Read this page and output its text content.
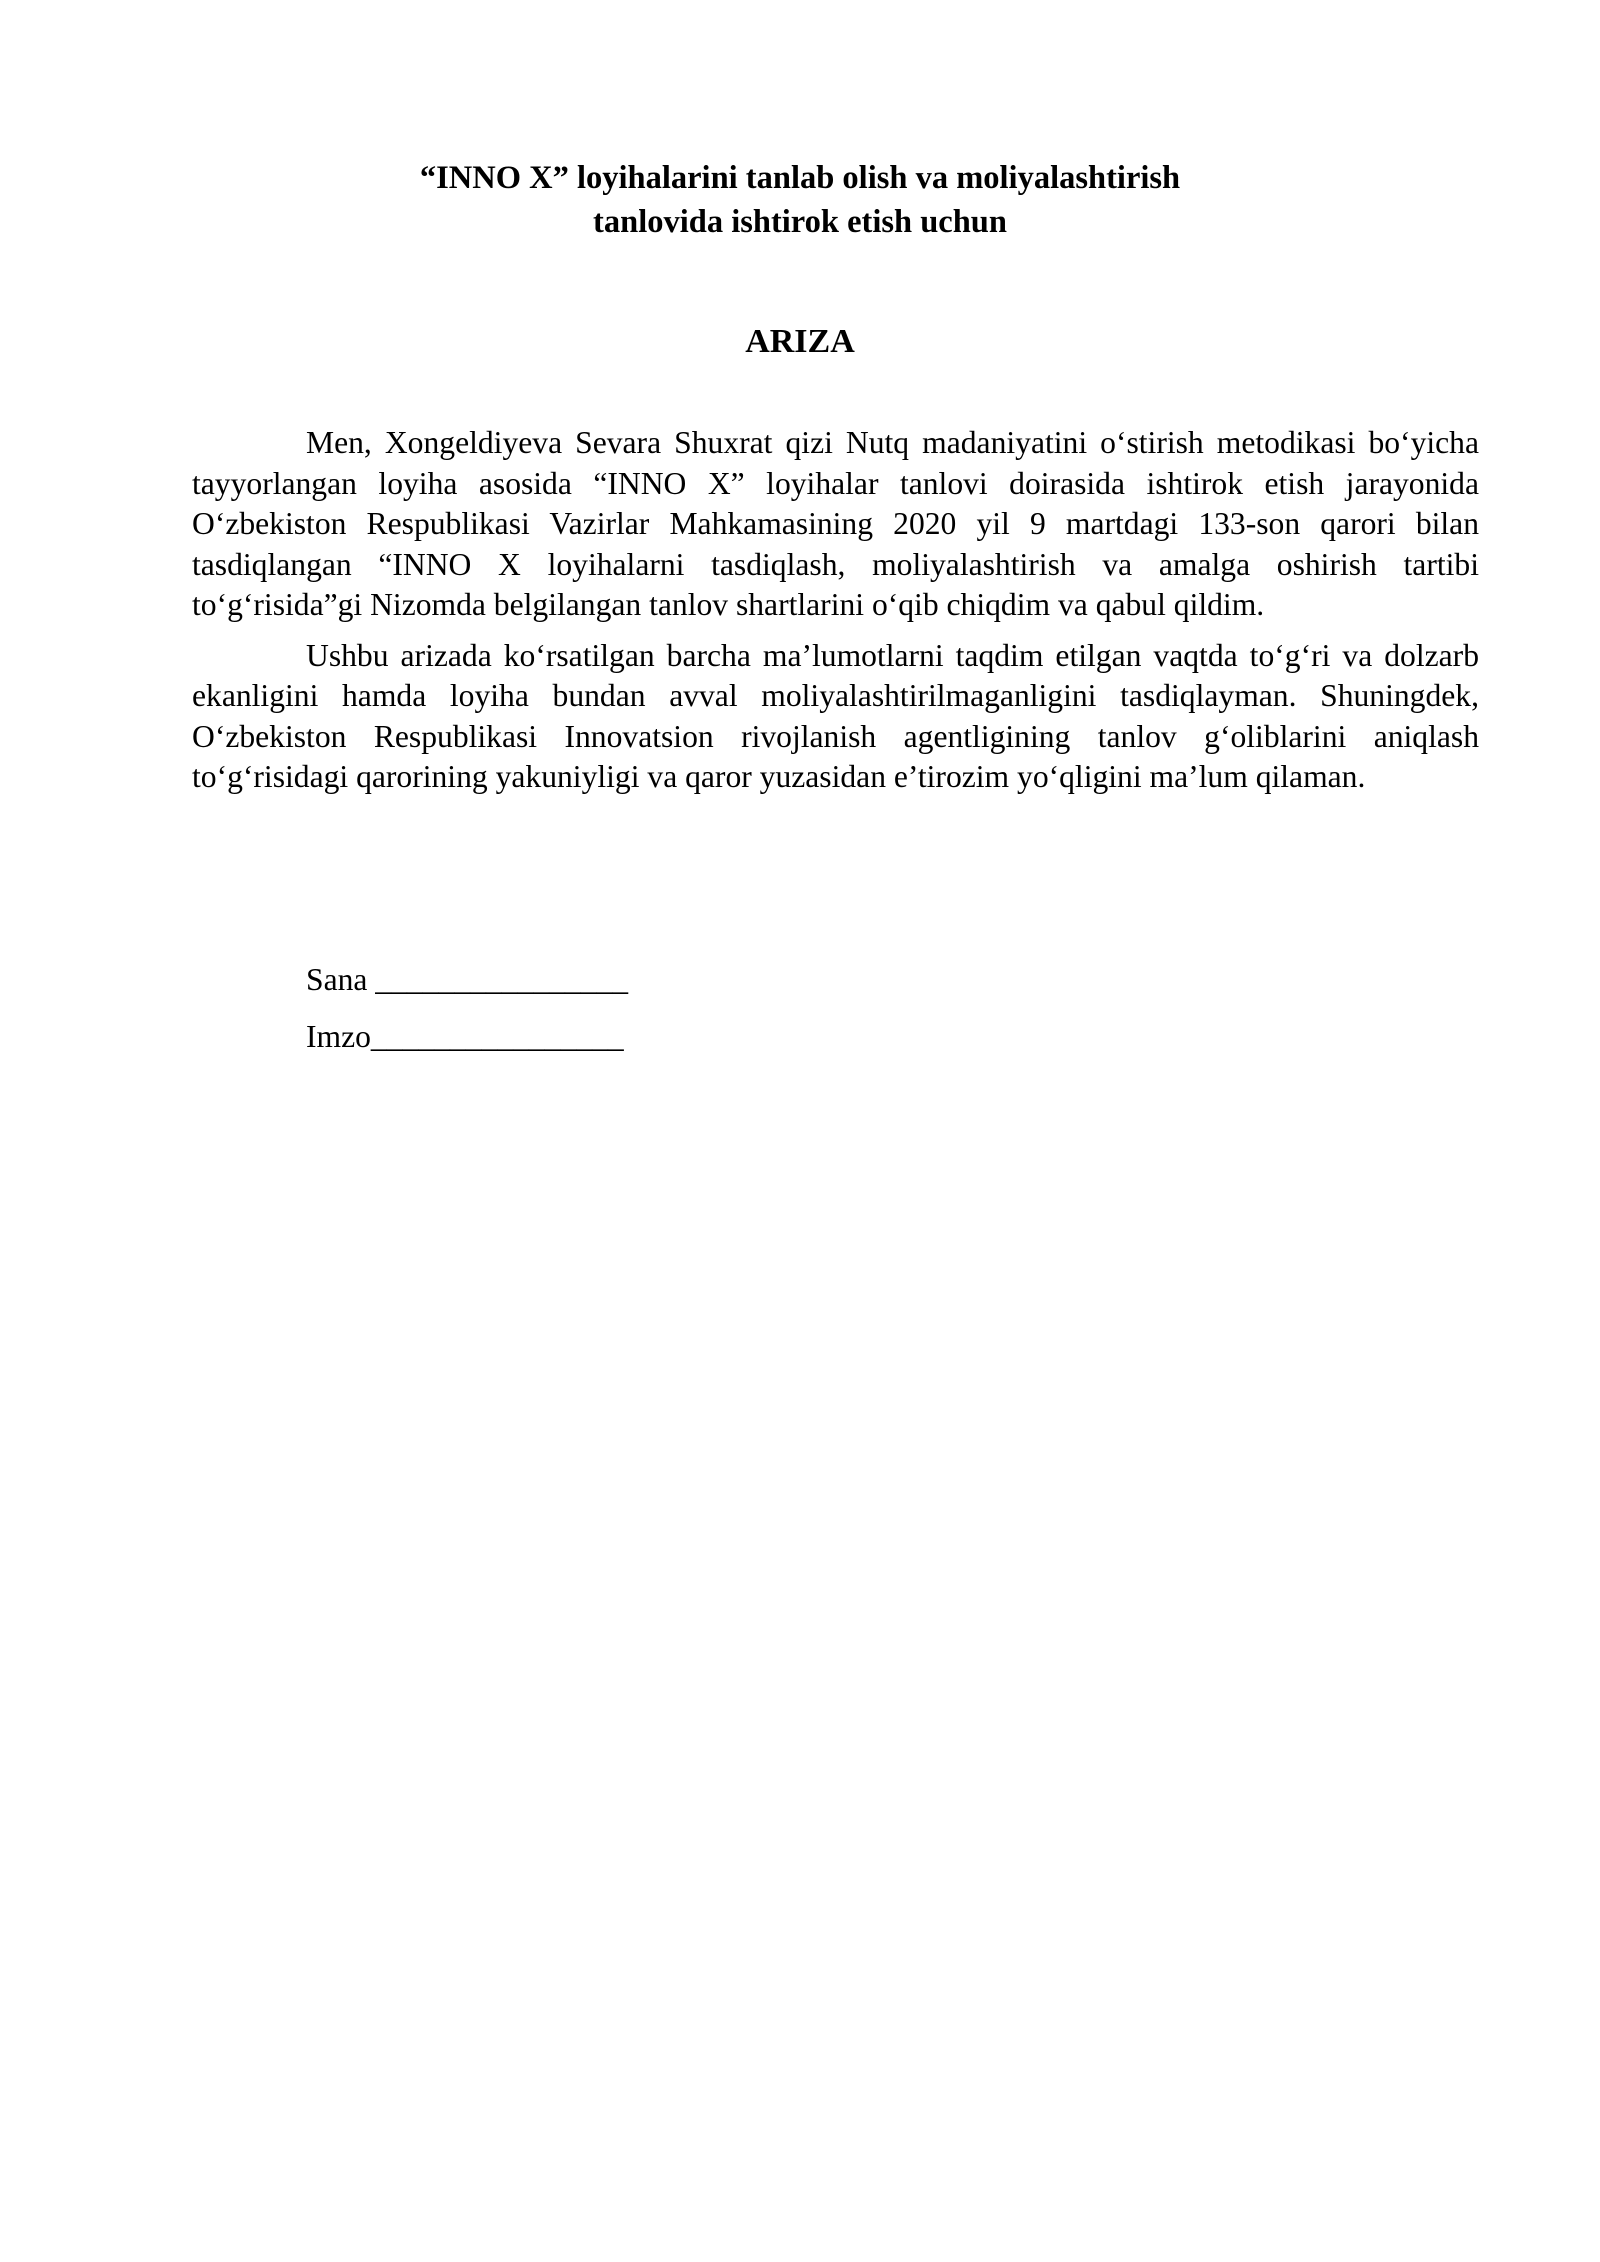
“INNO X” loyihalarini tanlab olish va moliyalashtirish
tanlovida ishtirok etish uchun
ARIZA

Men, Xongeldiyeva Sevara Shuxrat qizi Nutq madaniyatini o‘stirish metodikasi bo‘yicha tayyorlangan loyiha asosida “INNO X” loyihalar tanlovi doirasida ishtirok etish jarayonida O‘zbekiston Respublikasi Vazirlar Mahkamasining 2020 yil 9 martdagi 133-son qarori bilan tasdiqlangan “INNO X loyihalarni tasdiqlash, moliyalashtirish va amalga oshirish tartibi to‘g‘risida”gi Nizomda belgilangan tanlov shartlarini o‘qib chiqdim va qabul qildim.

Ushbu arizada ko‘rsatilgan barcha ma’lumotlarni taqdim etilgan vaqtda to‘g‘ri va dolzarb ekanligini hamda loyiha bundan avval moliyalashtirilmaganligini tasdiqlayman. Shuningdek, O‘zbekiston Respublikasi Innovatsion rivojlanish agentligining tanlov g‘oliblarini aniqlash to‘g‘risidagi qarorining yakuniyligi va qaror yuzasidan e’tirozim yo‘qligini ma’lum qilaman.

Sana ________________
Imzo________________
